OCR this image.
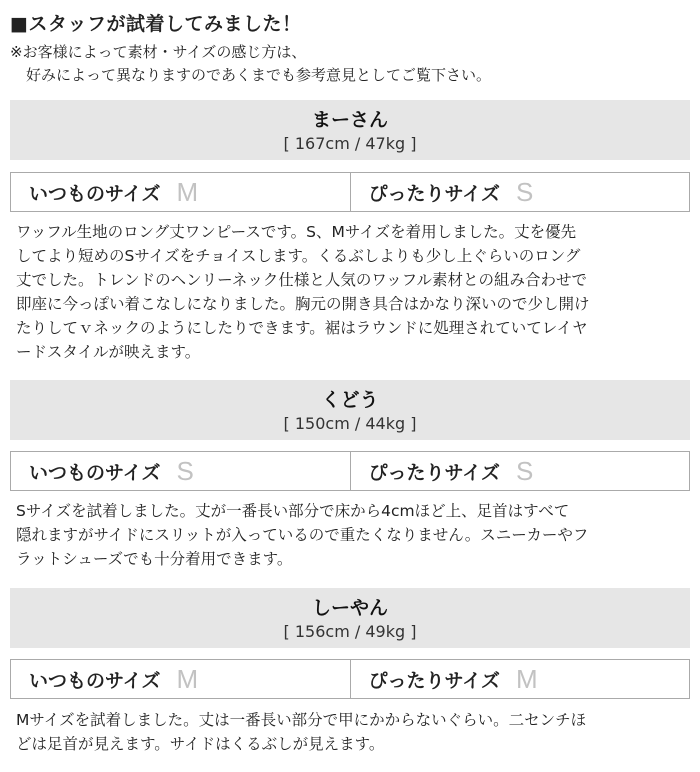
■スタッフが試着してみました！
※お客様によって素材・サイズの感じ方は、
好みによって異なりますのであくまでも参考意見としてご覧下さい。
まーさん
[ 167cm / 47kg ]
いつものサイズ M	ぴったりサイズ S
ワッフル生地のロング丈ワンピースです。S、Mサイズを着用しました。丈を優先
してより短めのSサイズをチョイスします。くるぶしよりも少し上ぐらいのロング
丈でした。トレンドのヘンリーネック仕様と人気のワッフル素材との組み合わせで
即座に今っぽい着こなしになりました。胸元の開き具合はかなり深いので少し開け
たりしてｖネックのようにしたりできます。裾はラウンドに処理されていてレイヤ
ードスタイルが映えます。
くどう
[ 150cm / 44kg ]
いつものサイズ S	ぴったりサイズ S
Sサイズを試着しました。丈が一番長い部分で床から4cmほど上、足首はすべて
隠れますがサイドにスリットが入っているので重たくなりません。スニーカーやフ
ラットシューズでも十分着用できます。
しーやん
[ 156cm / 49kg ]
いつものサイズ M	ぴったりサイズ M
Mサイズを試着しました。丈は一番長い部分で甲にかからないぐらい。二センチほ
どは足首が見えます。サイドはくるぶしが見えます。
